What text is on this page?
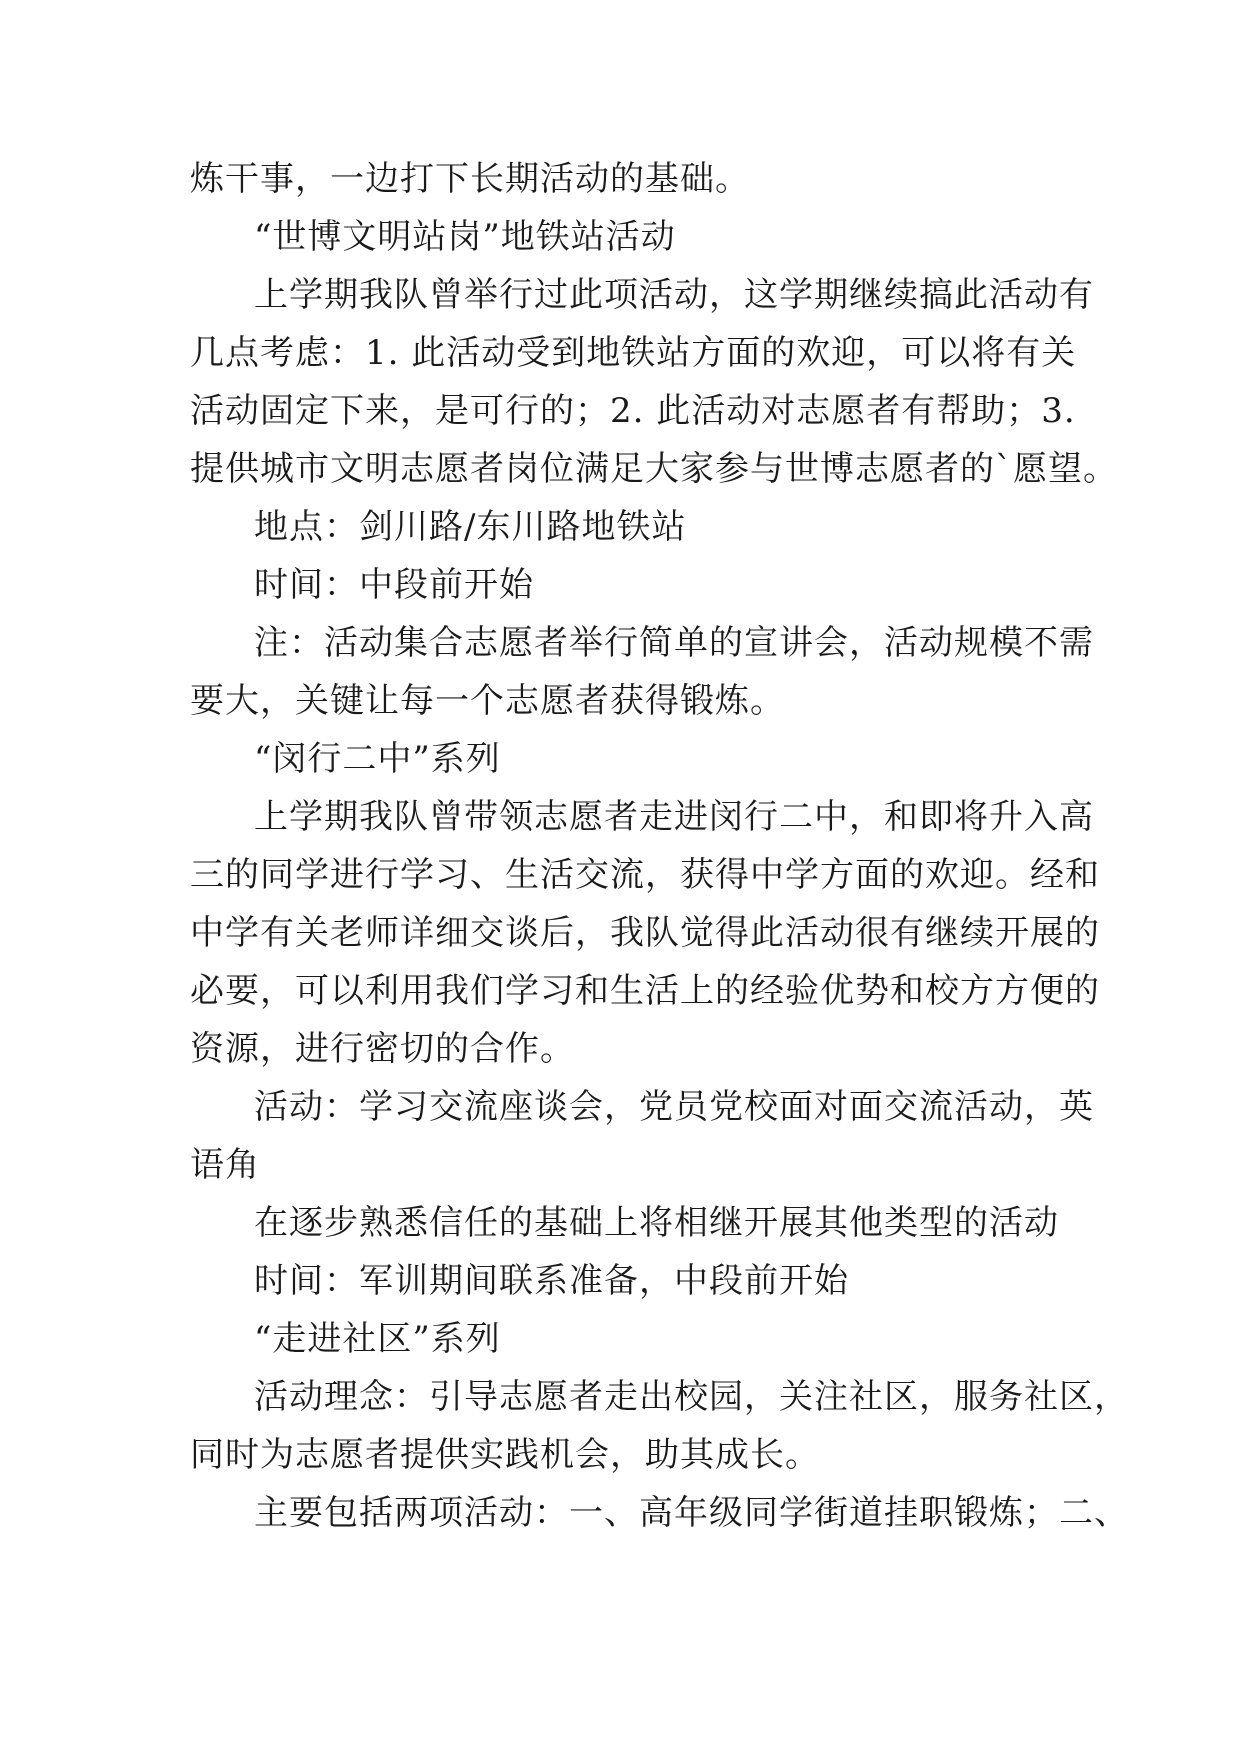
炼干事，一边打下长期活动的基础。
“世博文明站岗”地铁站活动
上学期我队曾举行过此项活动，这学期继续搞此活动有
几点考虑：1. 此活动受到地铁站方面的欢迎，可以将有关
活动固定下来，是可行的；2. 此活动对志愿者有帮助；3.
提供城市文明志愿者岗位满足大家参与世博志愿者的`愿望。
地点：剑川路/东川路地铁站
时间：中段前开始
注：活动集合志愿者举行简单的宣讲会，活动规模不需
要大，关键让每一个志愿者获得锻炼。
“闵行二中”系列
上学期我队曾带领志愿者走进闵行二中，和即将升入高
三的同学进行学习、生活交流，获得中学方面的欢迎。经和
中学有关老师详细交谈后，我队觉得此活动很有继续开展的
必要，可以利用我们学习和生活上的经验优势和校方方便的
资源，进行密切的合作。
活动：学习交流座谈会，党员党校面对面交流活动，英
语角
在逐步熟悉信任的基础上将相继开展其他类型的活动
时间：军训期间联系准备，中段前开始
“走进社区”系列
活动理念：引导志愿者走出校园，关注社区，服务社区，
同时为志愿者提供实践机会，助其成长。
主要包括两项活动：一、高年级同学街道挂职锻炼；二、
